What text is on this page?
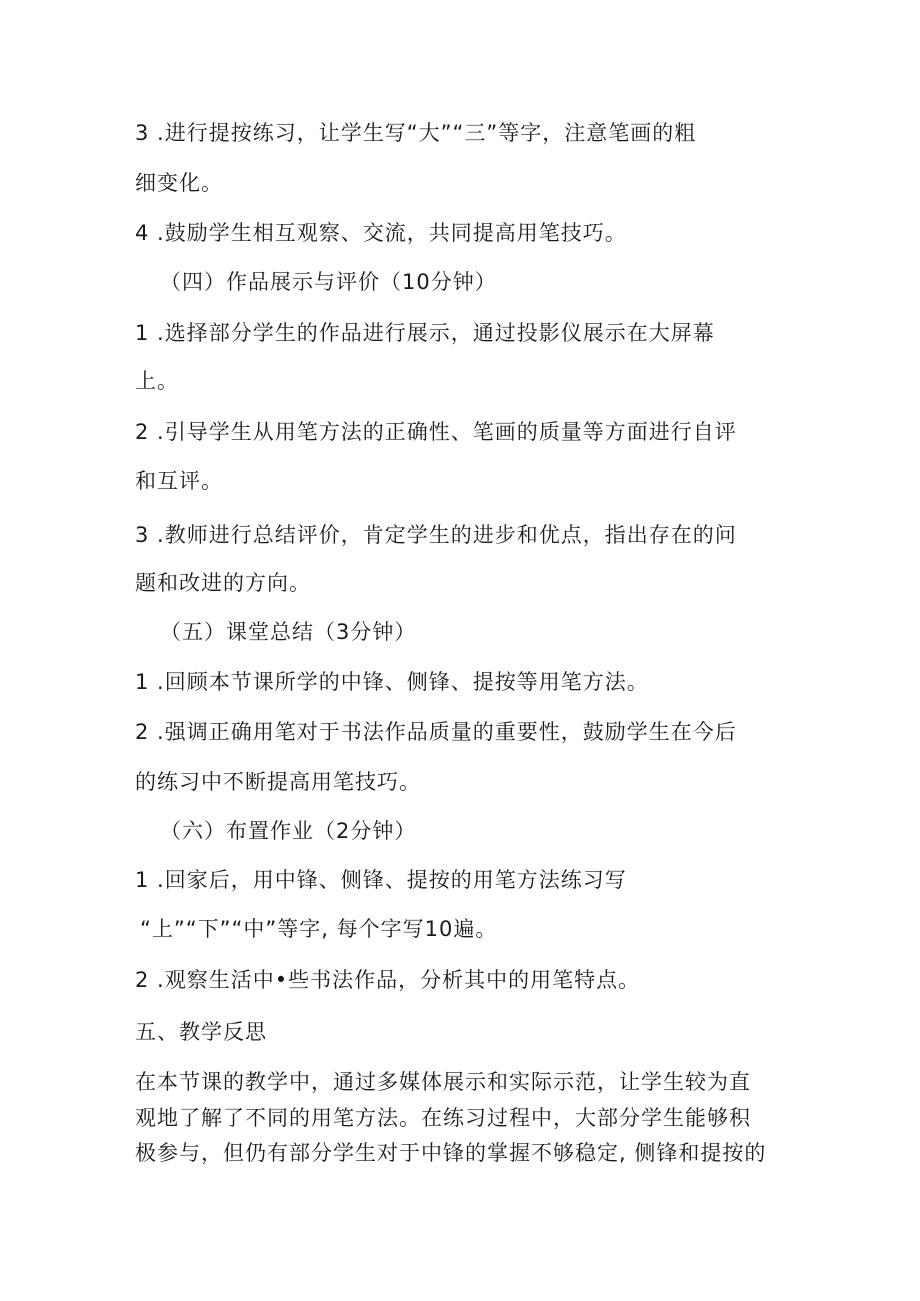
3 .进行提按练习，让学生写“大”“三”等字，注意笔画的粗
细变化。
4 .鼓励学生相互观察、交流，共同提高用笔技巧。
（四）作品展示与评价（10分钟）
1 .选择部分学生的作品进行展示，通过投影仪展示在大屏幕
上。
2 .引导学生从用笔方法的正确性、笔画的质量等方面进行自评
和互评。
3 .教师进行总结评价，肯定学生的进步和优点，指出存在的问
题和改进的方向。
（五）课堂总结（3分钟）
1 .回顾本节课所学的中锋、侧锋、提按等用笔方法。
2 .强调正确用笔对于书法作品质量的重要性，鼓励学生在今后
的练习中不断提高用笔技巧。
（六）布置作业（2分钟）
1 .回家后，用中锋、侧锋、提按的用笔方法练习写
“上”“下”“中”等字, 每个字写10遍。
2 .观察生活中•些书法作品，分析其中的用笔特点。
五、教学反思
在本节课的教学中，通过多媒体展示和实际示范，让学生较为直
观地了解了不同的用笔方法。在练习过程中，大部分学生能够积
极参与，但仍有部分学生对于中锋的掌握不够稳定, 侧锋和提按的
